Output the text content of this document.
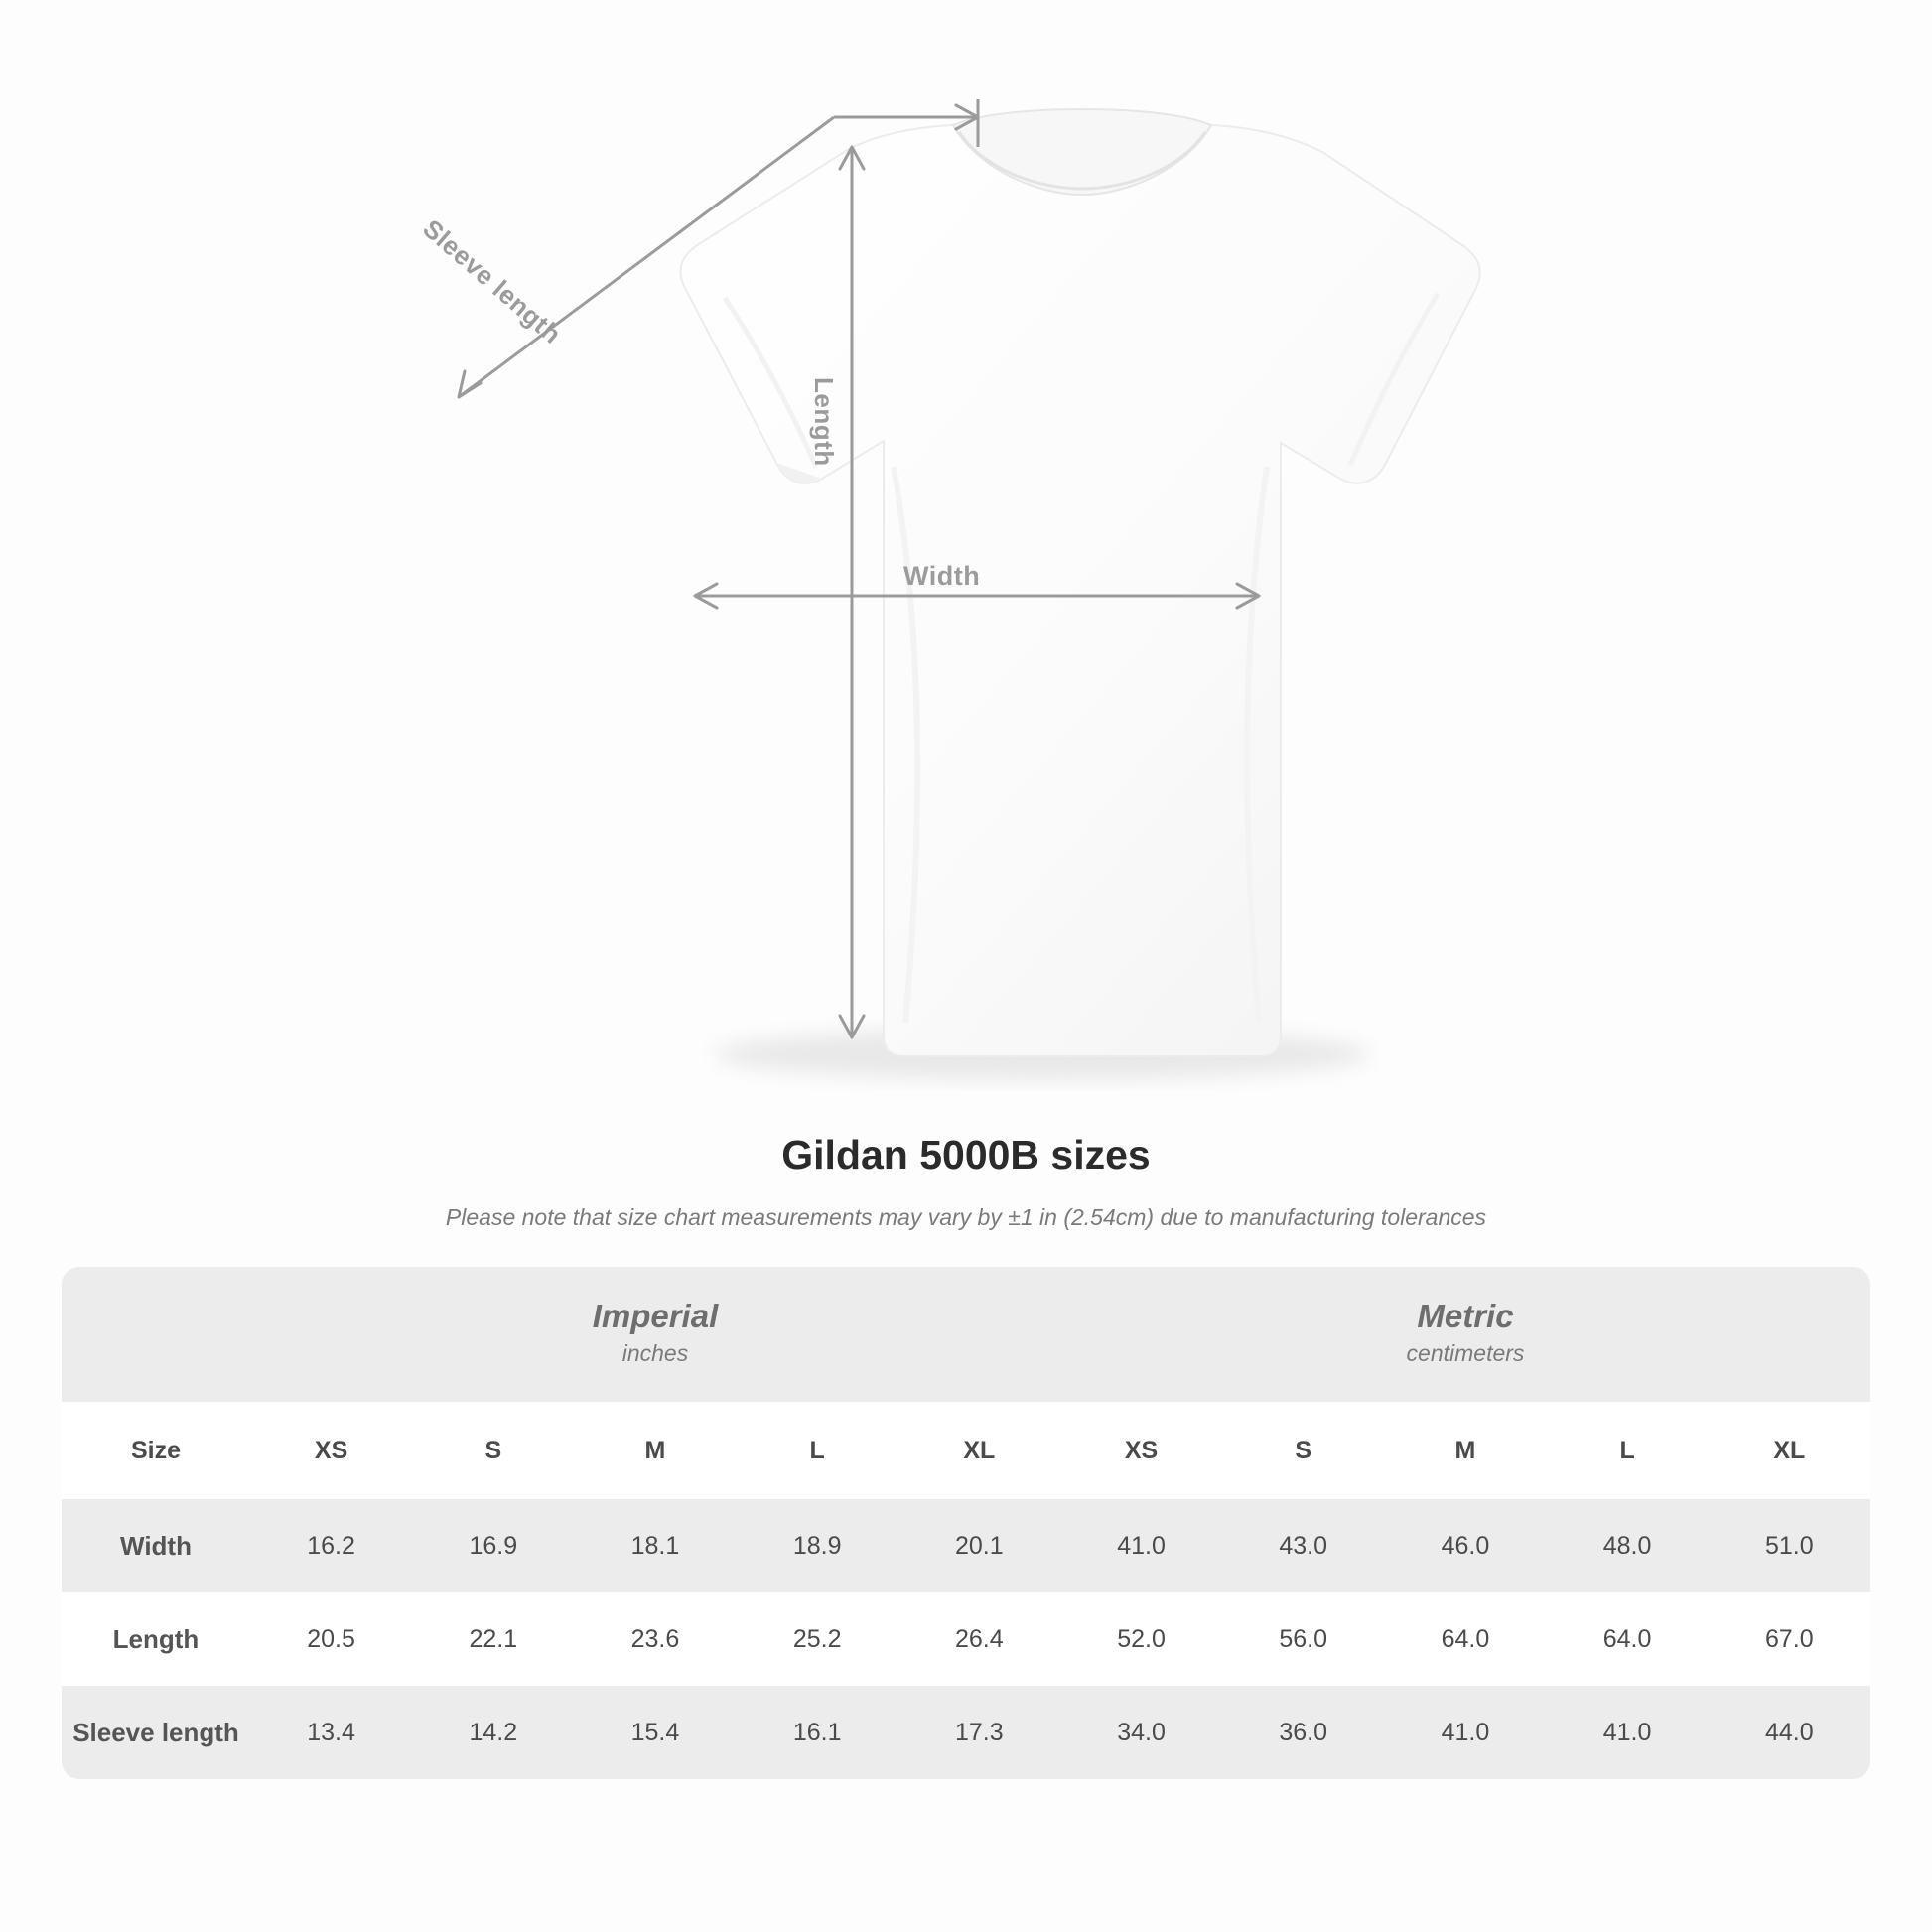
Width
Length
Sleeve length
Gildan 5000B sizes
Please note that size chart measurements may vary by ±1 in (2.54cm) due to manufacturing tolerances

Imperial
inches

Metric
centimeters

Size	XS	S	M	L	XL	XS	S	M	L	XL
Width	16.2	16.9	18.1	18.9	20.1	41.0	43.0	46.0	48.0	51.0
Length	20.5	22.1	23.6	25.2	26.4	52.0	56.0	64.0	64.0	67.0
Sleeve length	13.4	14.2	15.4	16.1	17.3	34.0	36.0	41.0	41.0	44.0
